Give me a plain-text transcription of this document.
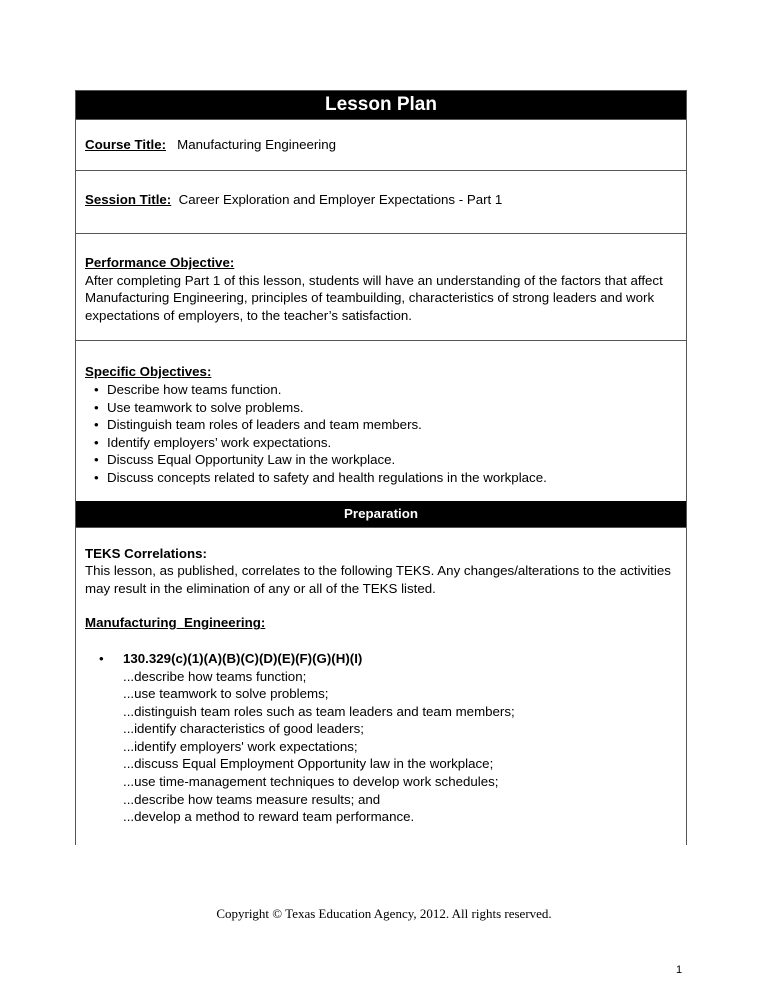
Lesson Plan
Course Title: Manufacturing Engineering
Session Title: Career Exploration and Employer Expectations - Part 1
Performance Objective:
After completing Part 1 of this lesson, students will have an understanding of the factors that affect Manufacturing Engineering, principles of teambuilding, characteristics of strong leaders and work expectations of employers, to the teacher’s satisfaction.
Specific Objectives:
• Describe how teams function.
• Use teamwork to solve problems.
• Distinguish team roles of leaders and team members.
• Identify employers’ work expectations.
• Discuss Equal Opportunity Law in the workplace.
• Discuss concepts related to safety and health regulations in the workplace.
Preparation
TEKS Correlations:
This lesson, as published, correlates to the following TEKS. Any changes/alterations to the activities may result in the elimination of any or all of the TEKS listed.
Manufacturing  Engineering:
• 130.329(c)(1)(A)(B)(C)(D)(E)(F)(G)(H)(I)
...describe how teams function;
...use teamwork to solve problems;
...distinguish team roles such as team leaders and team members;
...identify characteristics of good leaders;
...identify employers' work expectations;
...discuss Equal Employment Opportunity law in the workplace;
...use time-management techniques to develop work schedules;
...describe how teams measure results; and
...develop a method to reward team performance.
•
Copyright © Texas Education Agency, 2012. All rights reserved.
1
